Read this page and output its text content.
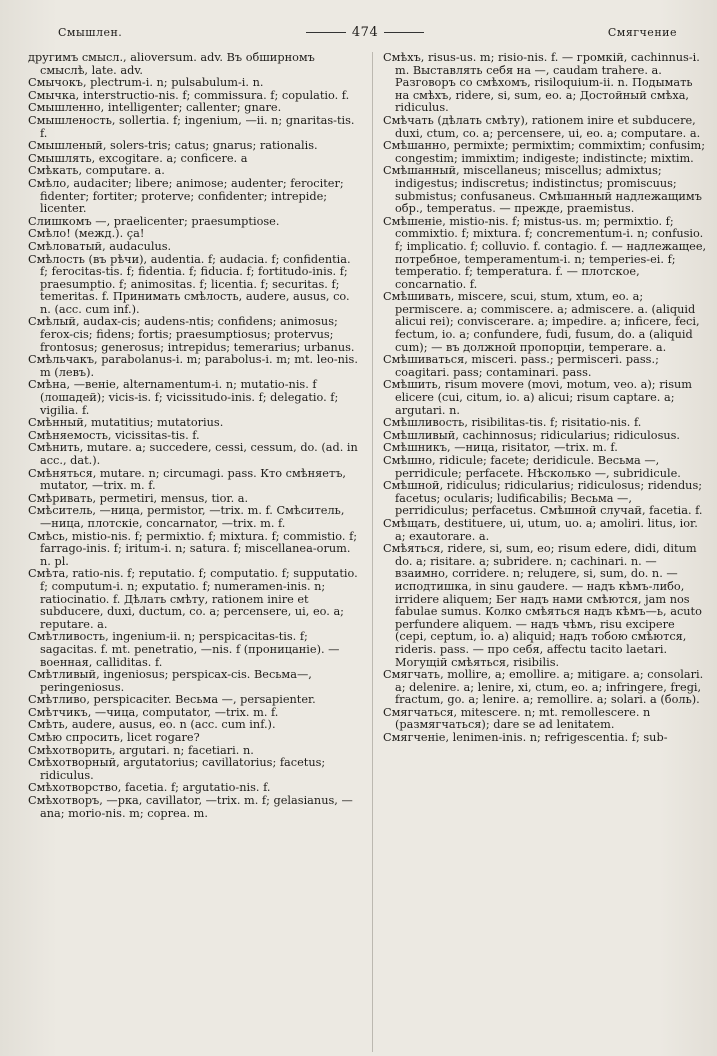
Смышлен.	474	Смягчение

другимъ смысл., alioversum. adv. Въ обширномъ смыслѣ, late. adv.

Смычокъ, plectrum-i. n; pulsabulum-i. n.

Смычка, interstructio-nis. f; commissura. f; copulatio. f.

Смышленно, intelligenter; callenter; gnare.

Смышленость, sollertia. f; ingenium, —ii. n; gnaritas-tis. f.

Смышленый, solers-tris; catus; gnarus; rationalis.

Смышлять, excogitare. a; conficere. a

Смѣкать, computare. a.

Смѣло, audaciter; libere; animose; audenter; ferociter; fidenter; fortiter; proterve; confidenter; intrepide; licenter.

Слишкомъ —, praelicenter; praesumptiose.

Смѣло! (межд.). ça!

Смѣловатый, audaculus.

Смѣлость (въ рѣчи), audentia. f; audacia. f; confidentia. f; ferocitas-tis. f; fidentia. f; fiducia. f; fortitudo-inis. f; praesumptio. f; animositas. f; licentia. f; securitas. f; temeritas. f. Принимать смѣлость, audere, ausus, co. n. (acc. cum inf.).

Смѣлый, audax-cis; audens-ntis; confidens; animosus; ferox-cis; fidens; fortis; praesumptiosus; protervus; frontosus; generosus; intrepidus; temerarius; urbanus.

Смѣльчакъ, parabolanus-i. m; parabolus-i. m; mt. leo-nis. m (левъ).

Смѣна, —веніе, alternamentum-i. n; mutatio-nis. f (лошадей); vicis-is. f; vicissitudo-inis. f; delegatio. f; vigilia. f.

Смѣнный, mutatitius; mutatorius.

Смѣняемость, vicissitas-tis. f.

Смѣнить, mutare. a; succedere, cessi, cessum, do. (ad. in acc., dat.).

Смѣняться, mutare. n; circumagi. pass. Кто смѣняетъ, mutator, —trix. m. f.

Смѣривать, permetiri, mensus, tior. a.

Смѣситель, —ница, permistor, —trix. m. f. Смѣситель, —ница, плотскіе, concarnator, —trix. m. f.

Смѣсь, mistio-nis. f; permixtio. f; mixtura. f; commistio. f; farrago-inis. f; iritum-i. n; satura. f; miscellanea-orum. n. pl.

Смѣта, ratio-nis. f; reputatio. f; computatio. f; supputatio. f; computum-i. n; exputatio. f; numeramen-inis. n; ratiocinatio. f. Дѣлать смѣту, rationem inire et subducere, duxi, ductum, co. a; percensere, ui, eo. a; reputare. a.

Смѣтливость, ingenium-ii. n; perspicacitas-tis. f; sagacitas. f. mt. penetratio, —nis. f (проницаніе). — военная, calliditas. f.

Смѣтливый, ingeniosus; perspicax-cis. Весьма—, peringeniosus.

Смѣтливо, perspicaciter. Весьма —, persapienter.

Смѣтчикъ, —чица, computator, —trix. m. f.

Смѣть, audere, ausus, eo. n (acc. cum inf.).

Смѣю спросить, licet rogare?

Смѣхотворить, argutari. n; facetiari. n.

Смѣхотворный, argutatorius; cavillatorius; facetus; ridiculus.

Смѣхотворство, facetia. f; argutatio-nis. f.

Смѣхотворъ, —рка, cavillator, —trix. m. f; gelasianus, —ana; morio-nis. m; coprea. m.

Смѣхъ, risus-us. m; risio-nis. f. — громкій, cachinnus-i. m. Выставлять себя на —, caudam trahere. a. Разговоръ со смѣхомъ, risiloquium-ii. n. Подымать на смѣхъ, ridere, si, sum, eo. a; Достойный смѣха, ridiculus.

Смѣчать (дѣлать смѣту), rationem inire et subducere, duxi, ctum, co. a; percensere, ui, eo. a; computare. a.

Смѣшанно, permixte; permixtim; commixtim; confusim; congestim; immixtim; indigeste; indistincte; mixtim.

Смѣшанный, miscellaneus; miscellus; admixtus; indigestus; indiscretus; indistinctus; promiscuus; submistus; confusaneus. Смѣшанный надлежащимъ обр., temperatus. — прежде, praemistus.

Смѣшеніе, mistio-nis. f; mistus-us. m; permixtio. f; commixtio. f; mixtura. f; concrementum-i. n; confusio. f; implicatio. f; colluvio. f. contagio. f. — надлежащее, потребное, temperamentum-i. n; temperies-ei. f; temperatio. f; temperatura. f. — плотское, concarnatio. f.

Смѣшивать, miscere, scui, stum, xtum, eo. a; permiscere. a; commiscere. a; admiscere. a. (aliquid alicui rei); conviscerare. a; impedire. a; inficere, feci, fectum, io. a; confundere, fudi, fusum, do. a (aliquid cum); — въ должной пропорціи, temperare. a.

Смѣшиваться, misceri. pass.; permisceri. pass.; coagitari. pass; contaminari. pass.

Смѣшить, risum movere (movi, motum, veo. a); risum elicere (cui, citum, io. a) alicui; risum captare. a; argutari. n.

Смѣшливость, risibilitas-tis. f; risitatio-nis. f.

Смѣшливый, cachinnosus; ridicularius; ridiculosus.

Смѣшникъ, —ница, risitator, —trix. m. f.

Смѣшно, ridicule; facete; deridicule. Весьма —, perridicule; perfacete. Нѣсколько —, subridicule.

Смѣшной, ridiculus; ridicularius; ridiculosus; ridendus; facetus; ocularis; ludificabilis; Весьма —, perridiculus; perfacetus. Смѣшной случай, facetia. f.

Смѣщать, destituere, ui, utum, uo. a; amoliri. litus, ior. a; exautorare. a.

Смѣяться, ridere, si, sum, eo; risum edere, didi, ditum do. a; risitare. a; subridere. n; cachinari. n. — взаимно, corridere. n; reluдere, si, sum, do. n. — исподтишка, in sinu gaudere. — надъ кѣмъ-либо, irridere aliquem; Бег надъ нами смѣются, jam nos fabulae sumus. Колко смѣяться надъ кѣмъ—ь, acuto perfundere aliquem. — надъ чѣмъ, risu excipere (cepi, ceptum, io. a) aliquid; надъ тобою смѣются, rideris. pass. — про себя, affectu tacito laetari. Могущій смѣяться, risibilis.

Смягчать, mollire, a; emollire. a; mitigare. a; consolari. a; delenire. a; lenire, xi, ctum, eo. a; infringere, fregi, fractum, go. a; lenire. a; remollire. a; solari. a (боль).

Смягчаться, mitescere. n; mt. remollescere. n (размягчаться); dare se ad lenitatem.

Смягченіе, lenimen-inis. n; refrigescentia. f; sub-
